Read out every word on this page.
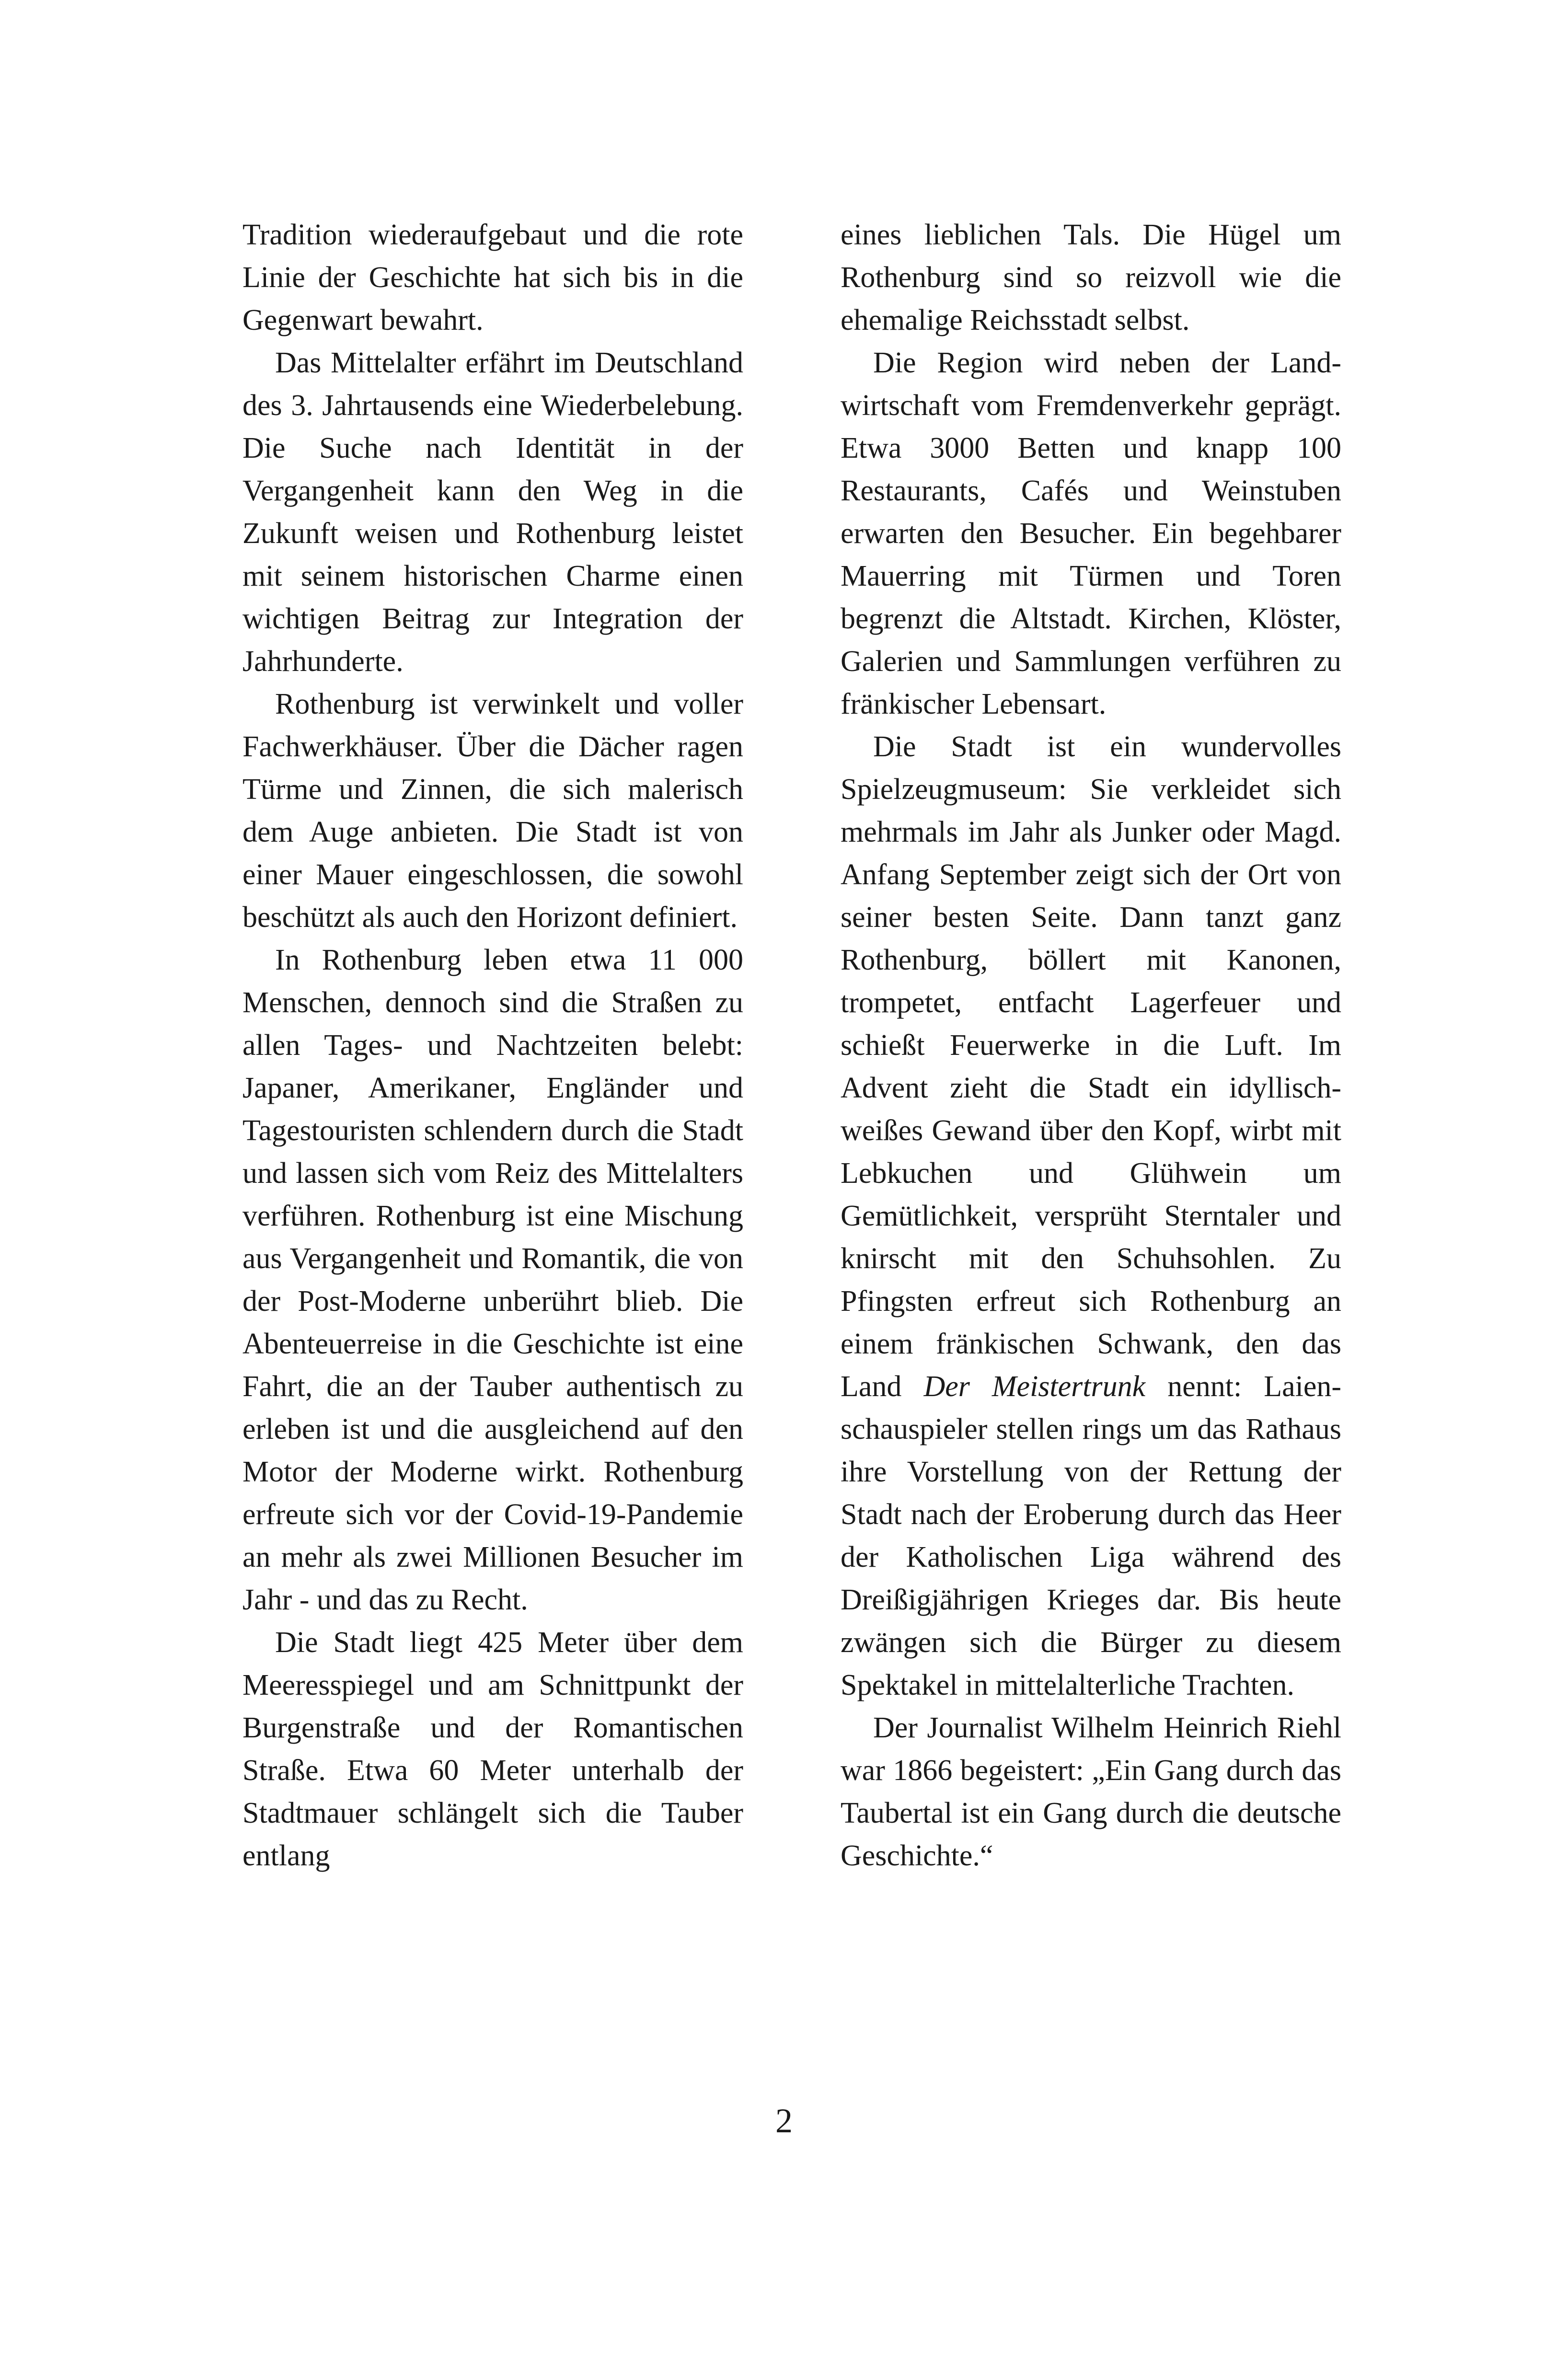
Tradition wiederaufgebaut und die rote Linie der Geschichte hat sich bis in die Gegenwart bewahrt.

Das Mittelalter erfährt im Deutschland des 3. Jahrtausends eine Wiederbelebung. Die Suche nach Identität in der Vergangenheit kann den Weg in die Zukunft weisen und Rothenburg leistet mit seinem historischen Charme einen wichtigen Beitrag zur Integration der Jahrhunderte.

Rothenburg ist verwinkelt und voller Fachwerkhäuser. Über die Dächer ragen Türme und Zinnen, die sich malerisch dem Auge anbieten. Die Stadt ist von einer Mauer eingeschlossen, die sowohl beschützt als auch den Horizont definiert.

In Rothenburg leben etwa 11 000 Menschen, dennoch sind die Straßen zu allen Tages- und Nachtzeiten belebt: Japaner, Amerikaner, Engländer und Tagestouristen schlendern durch die Stadt und lassen sich vom Reiz des Mittelalters verführen. Rothenburg ist eine Mischung aus Vergangenheit und Romantik, die von der Post-Moderne unberührt blieb. Die Abenteuerreise in die Geschichte ist eine Fahrt, die an der Tauber authentisch zu erleben ist und die ausgleichend auf den Motor der Moderne wirkt. Rothenburg erfreute sich vor der Covid-19-Pandemie an mehr als zwei Millionen Besucher im Jahr - und das zu Recht.

Die Stadt liegt 425 Meter über dem Meeresspiegel und am Schnittpunkt der Burgenstraße und der Romantischen Straße. Etwa 60 Meter unterhalb der Stadtmauer schlängelt sich die Tauber entlang

eines lieblichen Tals. Die Hügel um Rothenburg sind so reizvoll wie die ehemalige Reichsstadt selbst.

Die Region wird neben der Landwirtschaft vom Fremdenverkehr geprägt. Etwa 3000 Betten und knapp 100 Restaurants, Cafés und Weinstuben erwarten den Besucher. Ein begehbarer Mauerring mit Türmen und Toren begrenzt die Altstadt. Kirchen, Klöster, Galerien und Sammlungen verführen zu fränkischer Lebensart.

Die Stadt ist ein wundervolles Spielzeugmuseum: Sie verkleidet sich mehrmals im Jahr als Junker oder Magd. Anfang September zeigt sich der Ort von seiner besten Seite. Dann tanzt ganz Rothenburg, böllert mit Kanonen, trompetet, entfacht Lagerfeuer und schießt Feuerwerke in die Luft. Im Advent zieht die Stadt ein idyllisch-weißes Gewand über den Kopf, wirbt mit Lebkuchen und Glühwein um Gemütlichkeit, versprüht Sterntaler und knirscht mit den Schuhsohlen. Zu Pfingsten erfreut sich Rothenburg an einem fränkischen Schwank, den das Land Der Meistertrunk nennt: Laienschauspieler stellen rings um das Rathaus ihre Vorstellung von der Rettung der Stadt nach der Eroberung durch das Heer der Katholischen Liga während des Dreißigjährigen Krieges dar. Bis heute zwängen sich die Bürger zu diesem Spektakel in mittelalterliche Trachten.

Der Journalist Wilhelm Heinrich Riehl war 1866 begeistert: „Ein Gang durch das Taubertal ist ein Gang durch die deutsche Geschichte.“

2
